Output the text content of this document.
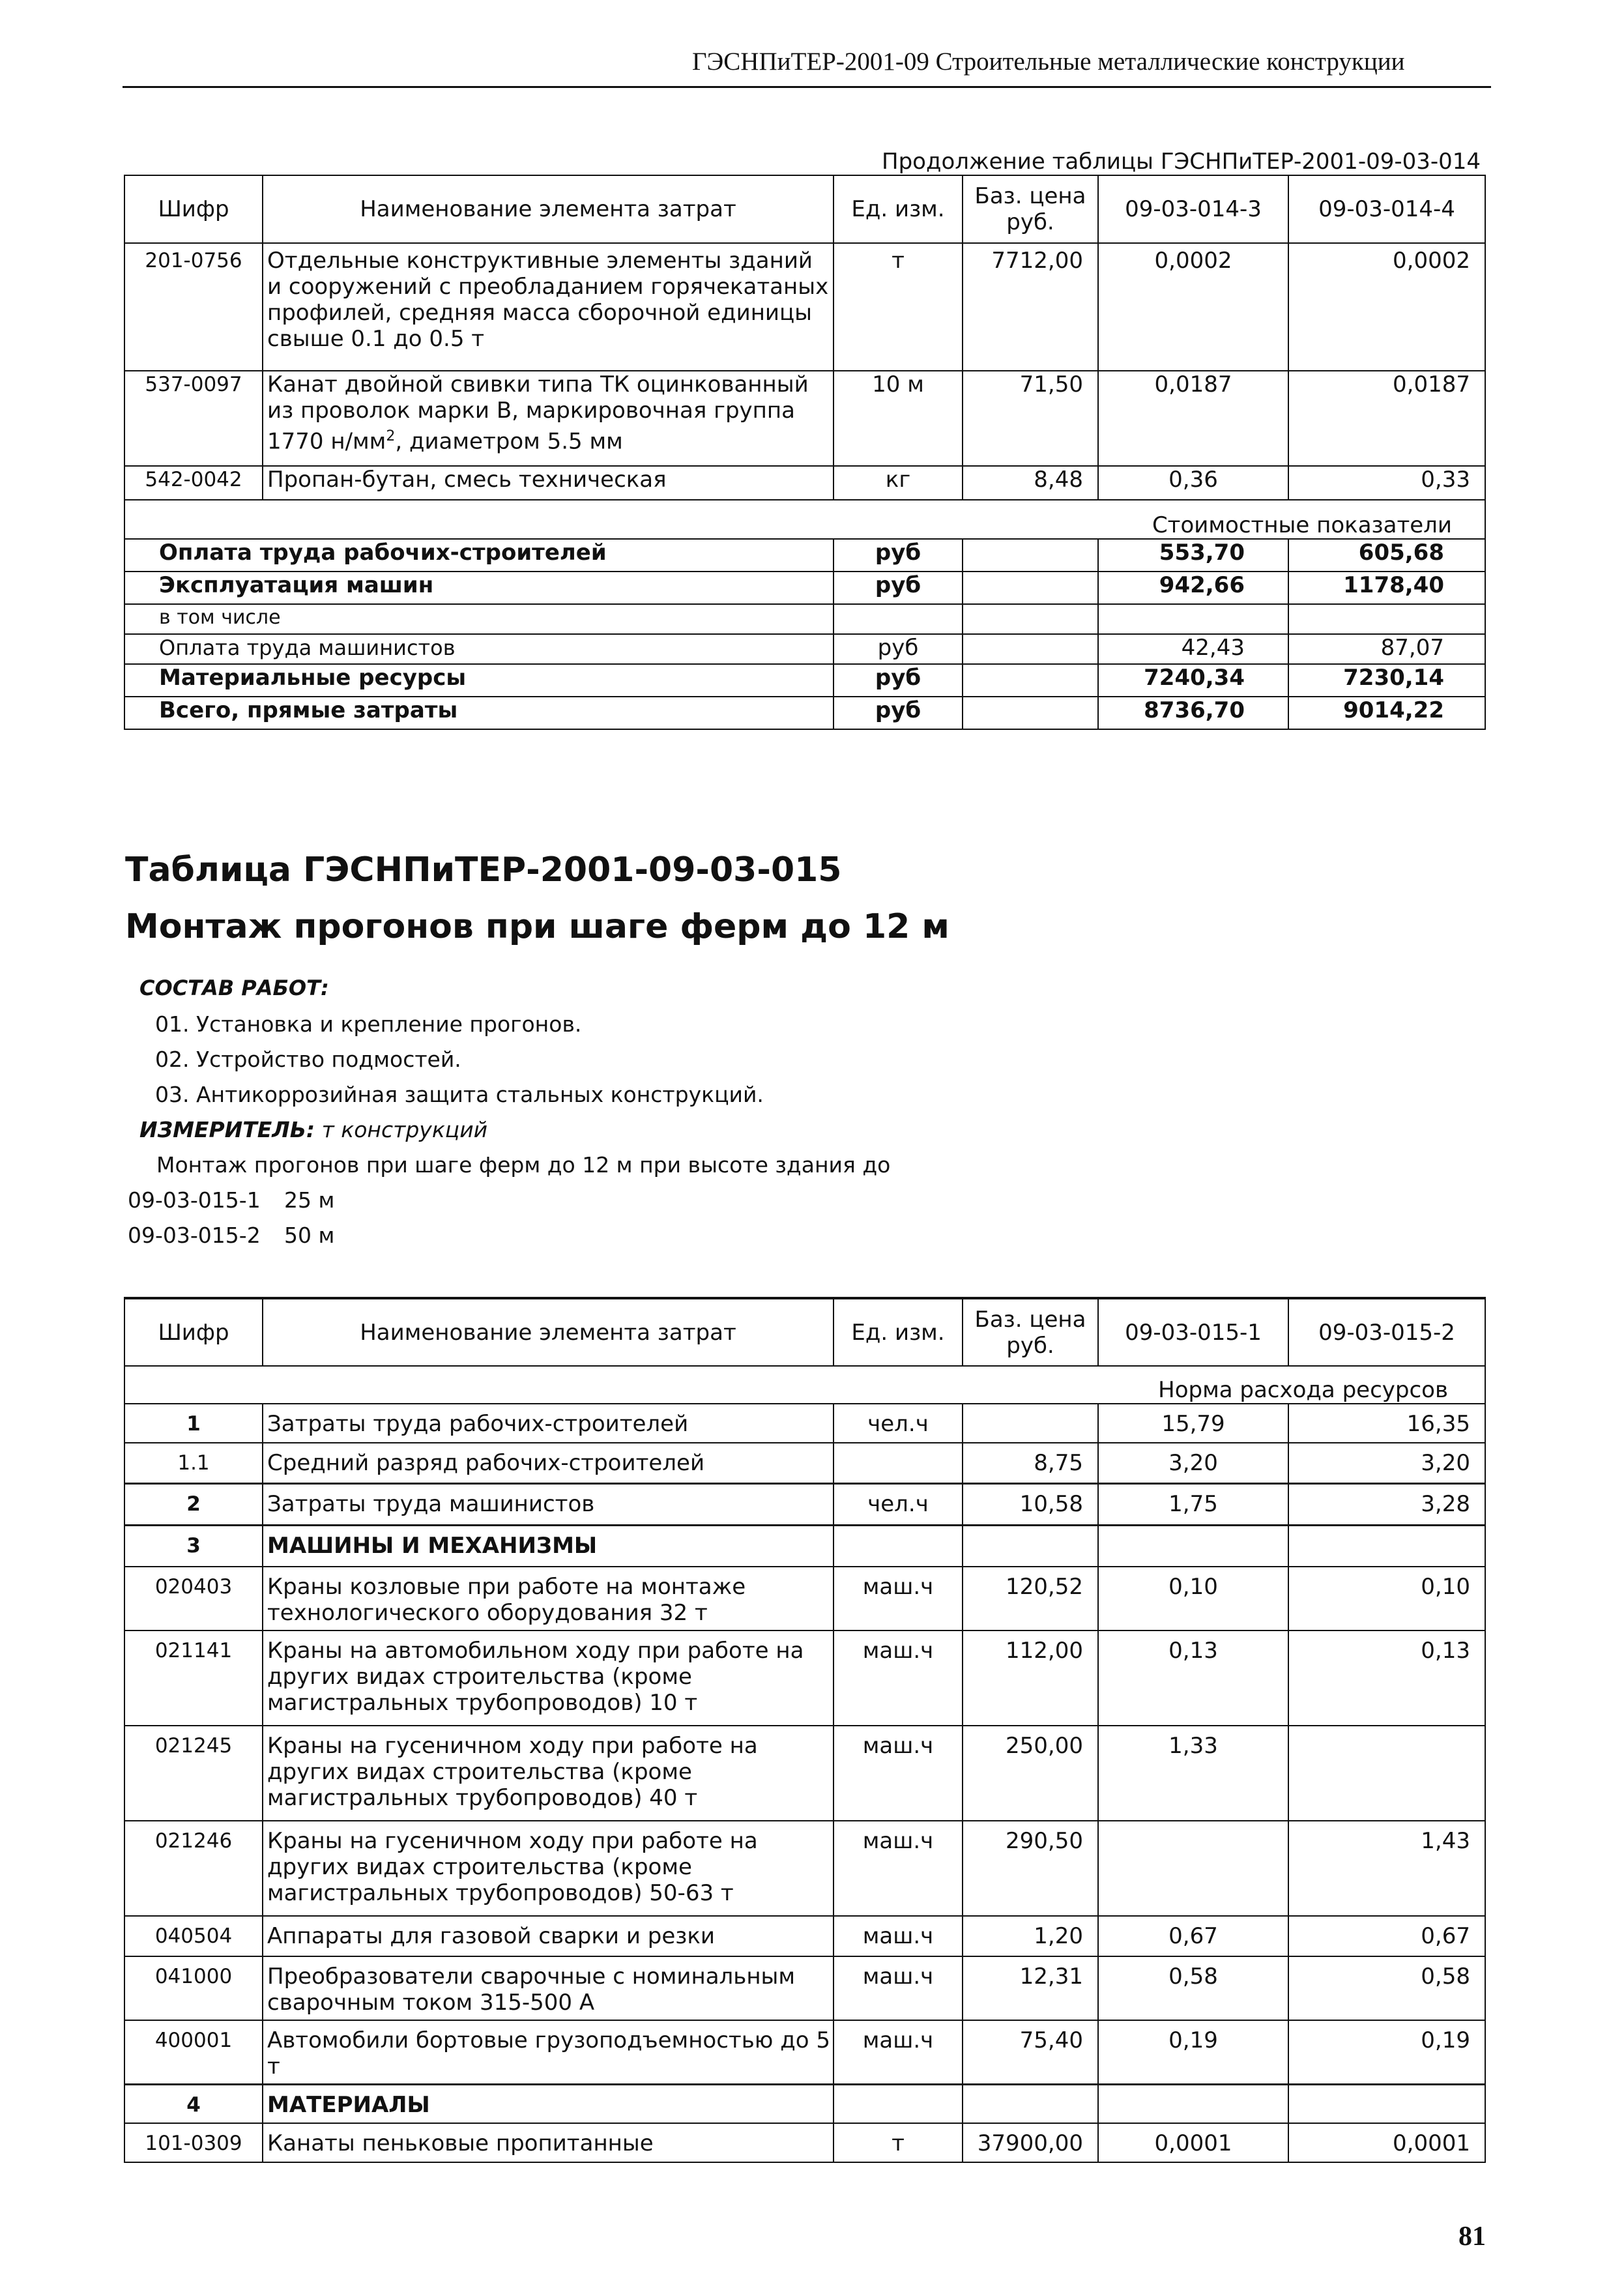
ГЭСНПиТЕР-2001-09 Строительные металлические конструкции
Продолжение таблицы ГЭСНПиТЕР-2001-09-03-014
Шифр	Наименование элемента затрат	Ед. изм.	Баз. цена руб.	09-03-014-3	09-03-014-4
201-0756	Отдельные конструктивные элементы зданий и сооружений с преобладанием горячекатаных профилей, средняя масса сборочной единицы свыше 0.1 до 0.5 т	т	7712,00	0,0002	0,0002
537-0097	Канат двойной свивки типа ТК оцинкованный из проволок марки В, маркировочная группа 1770 $н/мм^2$, диаметром 5.5 мм	10 м	71,50	0,0187	0,0187
542-0042	Пропан-бутан, смесь техническая	кг	8,48	0,36	0,33
Стоимостные показатели					
Оплата труда рабочих-строителей		руб		553,70	605,68
Эксплуатация машин		руб		942,66	1178,40
в том числе					
Оплата труда машинистов		руб		42,43	87,07
Материальные ресурсы		руб		7240,34	7230,14
Всего, прямые затраты		руб		8736,70	9014,22
Таблица ГЭСНПиТЕР-2001-09-03-015
Монтаж прогонов при шаге ферм до 12 м
СОСТАВ РАБОТ:
01. Установка и крепление прогонов.
02. Устройство подмостей.
03. Антикоррозийная защита стальных конструкций.
ИЗМЕРИТЕЛЬ: т конструкций
Монтаж прогонов при шаге ферм до 12 м при высоте здания до
09-03-015-1 25 м
09-03-015-2 50 м
Шифр	Наименование элемента затрат	Ед. изм.	Баз. цена руб.	09-03-015-1	09-03-015-2
Норма расхода ресурсов					
1	Затраты труда рабочих-строителей	чел.ч		15,79	16,35
1.1	Средний разряд рабочих-строителей		8,75	3,20	3,20
2	Затраты труда машинистов	чел.ч	10,58	1,75	3,28
3	МАШИНЫ И МЕХАНИЗМЫ				
020403	Краны козловые при работе на монтаже технологического оборудования 32 т	маш.ч	120,52	0,10	0,10
021141	Краны на автомобильном ходу при работе на других видах строительства (кроме магистральных трубопроводов) 10 т	маш.ч	112,00	0,13	0,13
021245	Краны на гусеничном ходу при работе на других видах строительства (кроме магистральных трубопроводов) 40 т	маш.ч	250,00	1,33	
021246	Краны на гусеничном ходу при работе на других видах строительства (кроме магистральных трубопроводов) 50-63 т	маш.ч	290,50		1,43
040504	Аппараты для газовой сварки и резки	маш.ч	1,20	0,67	0,67
041000	Преобразователи сварочные с номинальным сварочным током 315-500 А	маш.ч	12,31	0,58	0,58
400001	Автомобили бортовые грузоподъемностью до 5 т	маш.ч	75,40	0,19	0,19
4	МАТЕРИАЛЫ				
101-0309	Канаты пеньковые пропитанные	т	37900,00	0,0001	0,0001
81
